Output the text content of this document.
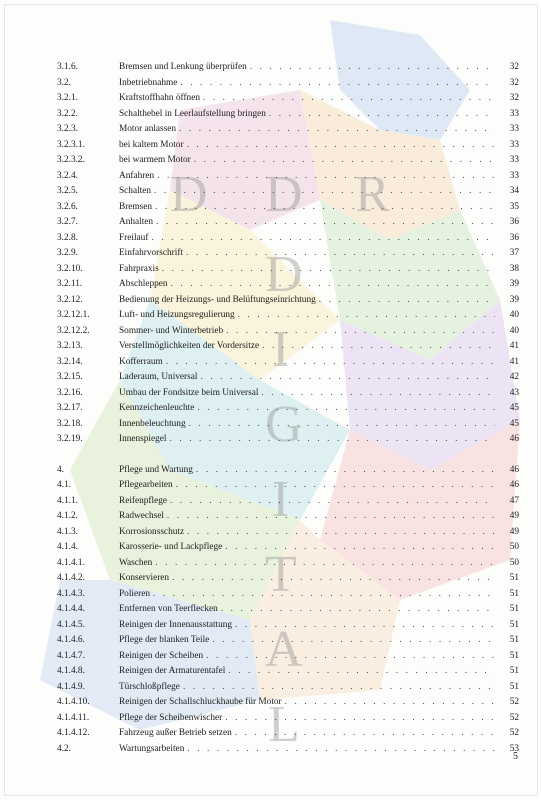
D D R
D
I
G
I
T
A
L
3.1.6.	Bremsen und Lenkung überprüfen . . .	32
3.2.	Inbetriebnahme . . .	32
3.2.1.	Kraftstoffhahn öffnen . . .	32
3.2.2.	Schalthebel in Leerlaufstellung bringen . . .	33
3.2.3.	Motor anlassen . . .	33
3.2.3.1.	bei kaltem Motor . . .	33
3.2.3.2.	bei warmem Motor . . .	33
3.2.4.	Anfahren . . .	33
3.2.5.	Schalten . . .	34
3.2.6.	Bremsen . . .	35
3.2.7.	Anhalten . . .	36
3.2.8.	Freilauf . . .	36
3.2.9.	Einfahrvorschrift . . .	37
3.2.10.	Fahrpraxis . . .	38
3.2.11.	Abschleppen . . .	39
3.2.12.	Bedienung der Heizungs- und Belüftungseinrichtung . . .	39
3.2.12.1.	Luft- und Heizungsregulierung . . .	40
3.2.12.2.	Sommer- und Winterbetrieb . . .	40
3.2.13.	Verstellmöglichkeiten der Vordersitze . . .	41
3.2.14.	Kofferraum . . .	41
3.2.15.	Laderaum, Universal . . .	42
3.2.16.	Umbau der Fondsitze beim Universal . . .	43
3.2.17.	Kennzeichenleuchte . . .	45
3.2.18.	Innenbeleuchtung . . .	45
3.2.19.	Innenspiegel . . .	46
4.	Pflege und Wartung . . .	46
4.1.	Pflegearbeiten . . .	46
4.1.1.	Reifenpflege . . .	47
4.1.2.	Radwechsel . . .	49
4.1.3.	Korrosionsschutz . . .	49
4.1.4.	Karosserie- und Lackpflege . . .	50
4.1.4.1.	Waschen . . .	50
4.1.4.2.	Konservieren . . .	51
4.1.4.3.	Polieren . . .	51
4.1.4.4.	Entfernen von Teerflecken . . .	51
4.1.4.5.	Reinigen der Innenausstattung . . .	51
4.1.4.6.	Pflege der blanken Teile . . .	51
4.1.4.7.	Reinigen der Scheiben . . .	51
4.1.4.8.	Reinigen der Armaturentafel . . .	51
4.1.4.9.	Türschloßpflege . . .	51
4.1.4.10.	Reinigen der Schallschluckhaube für Motor . . .	52
4.1.4.11.	Pflege der Scheibenwischer . . .	52
4.1.4.12.	Fahrzeug außer Betrieb setzen . . .	52
4.2.	Wartungsarbeiten . . .	53
5
